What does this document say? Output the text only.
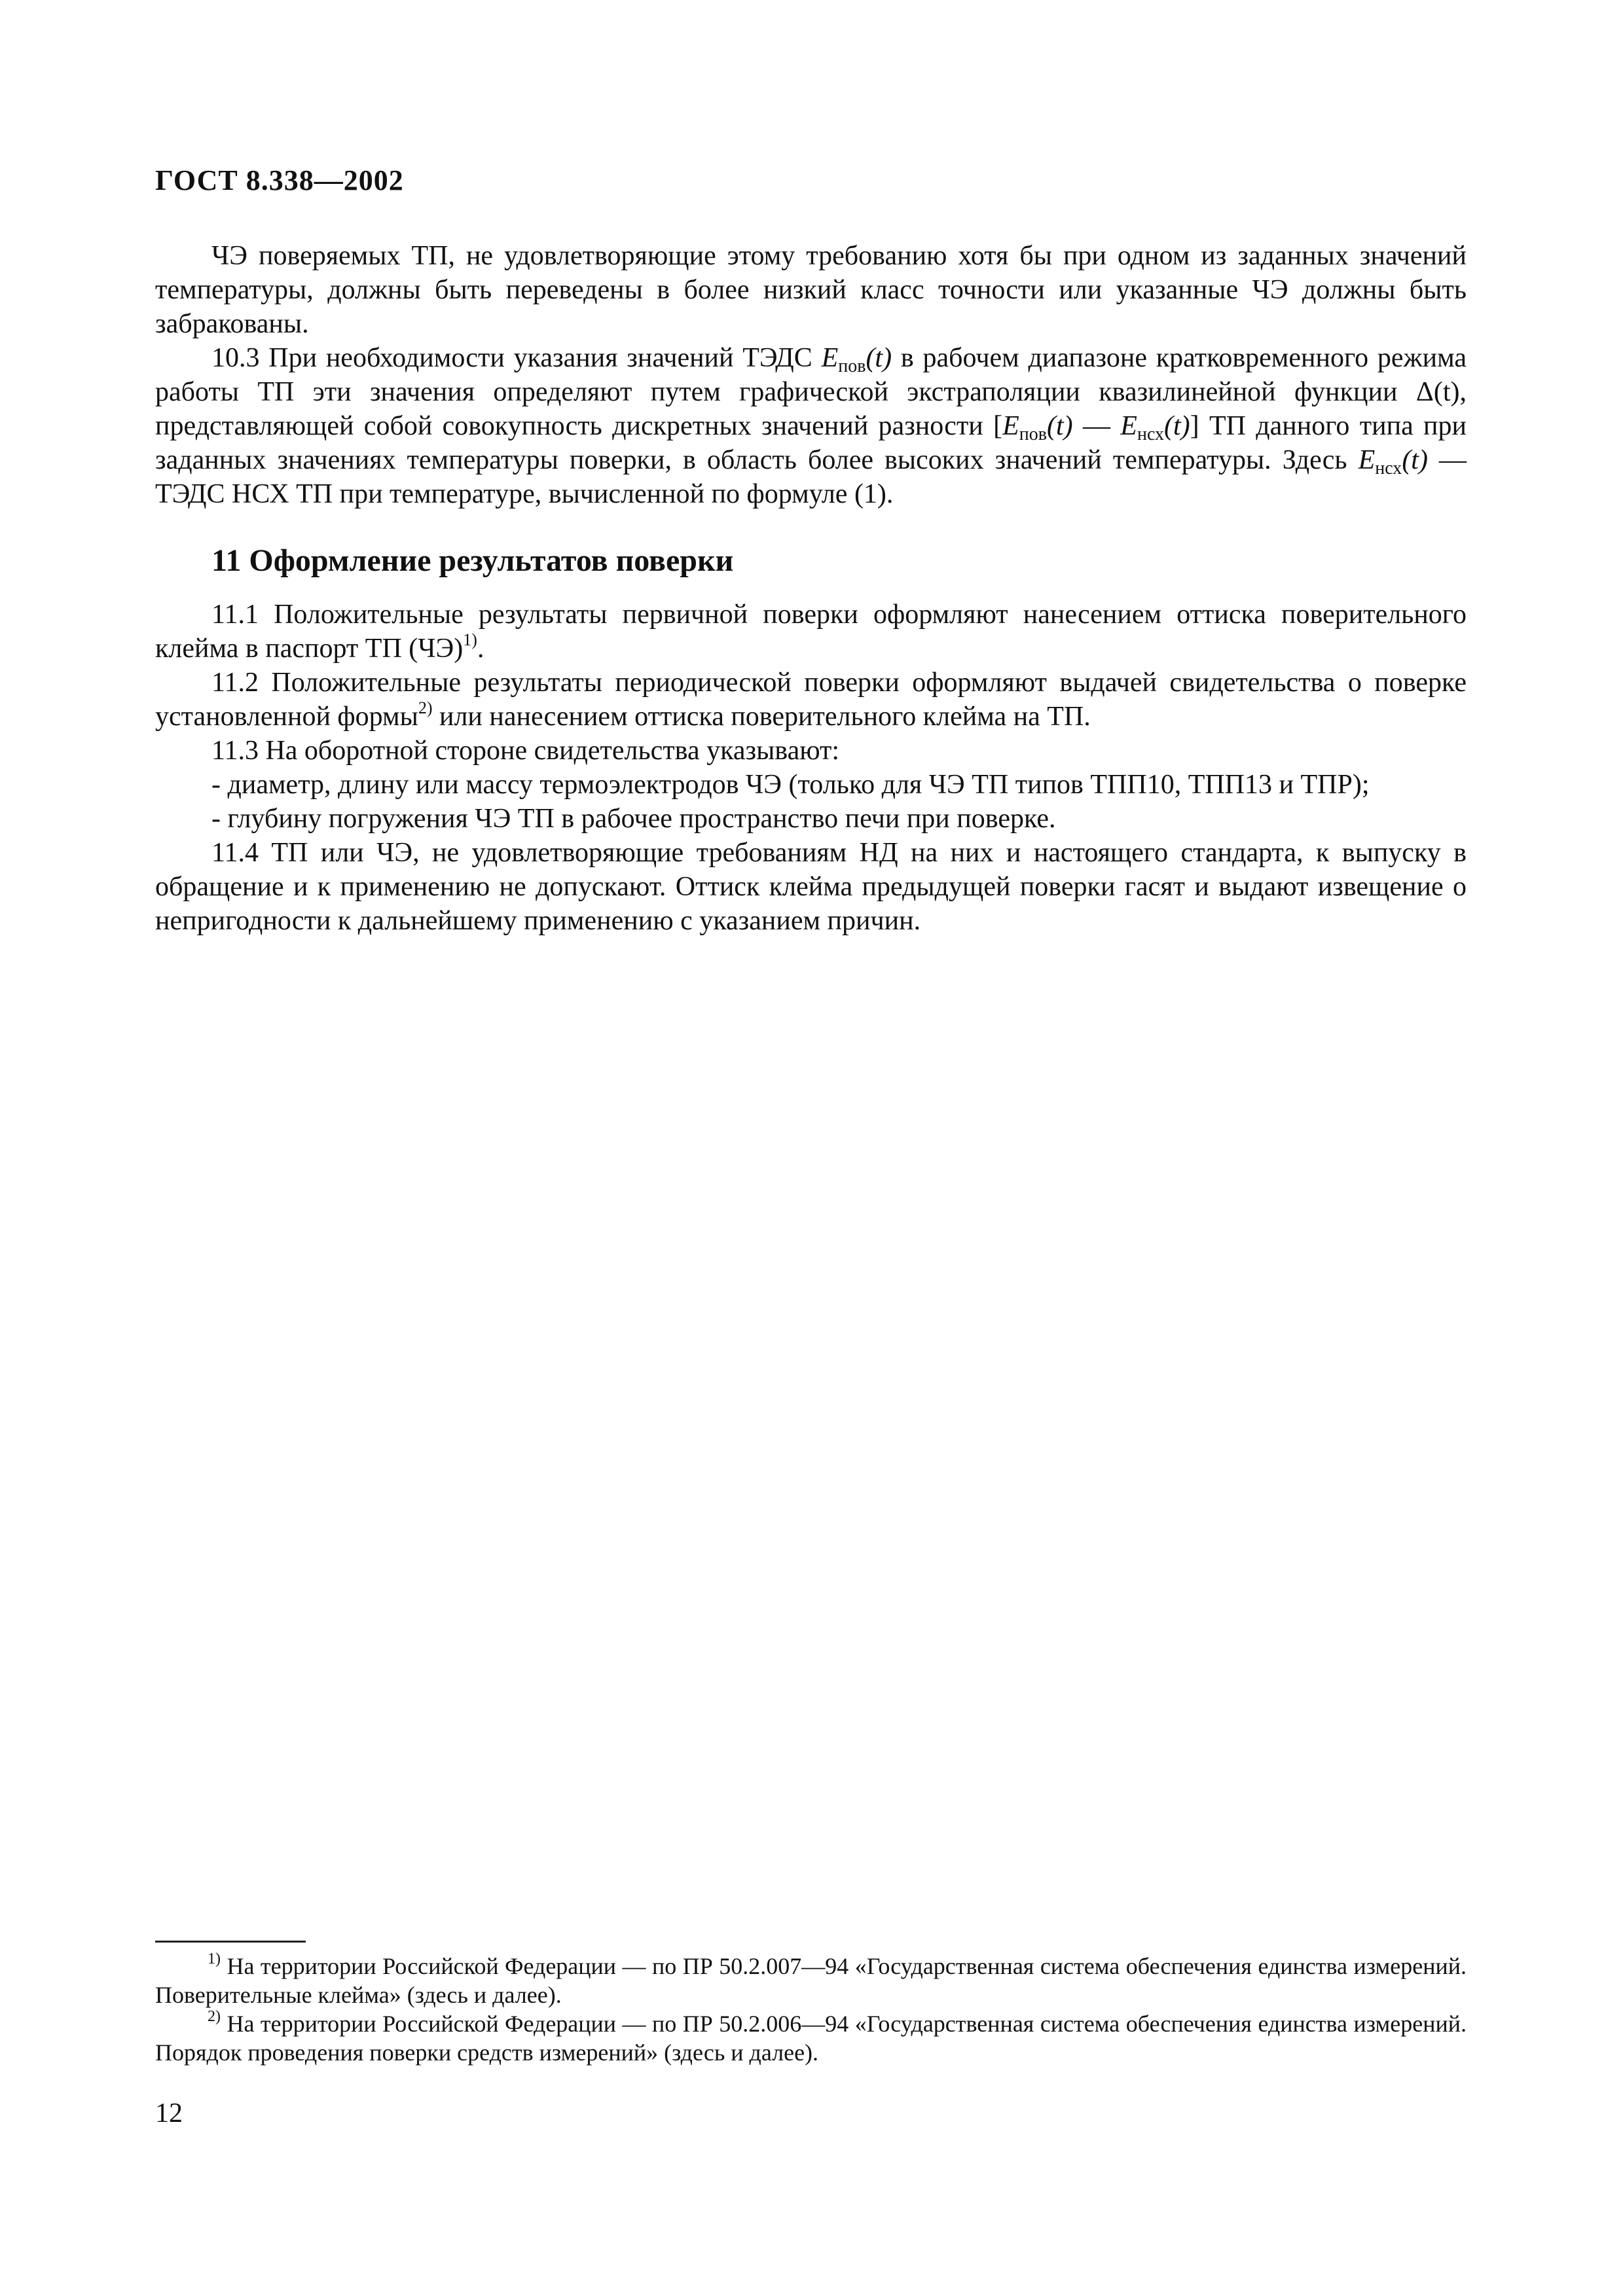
ГОСТ 8.338—2002

ЧЭ поверяемых ТП, не удовлетворяющие этому требованию хотя бы при одном из заданных значений температуры, должны быть переведены в более низкий класс точности или указанные ЧЭ должны быть забракованы.

10.3 При необходимости указания значений ТЭДС $E_{пов}(t)$ в рабочем диапазоне кратковременного режима работы ТП эти значения определяют путем графической экстраполяции квазилинейной функции Δ(t), представляющей собой совокупность дискретных значений разности [$E_{пов}(t)$ — $E_{нсх}(t)$] ТП данного типа при заданных значениях температуры поверки, в область более высоких значений температуры. Здесь $E_{нсх}(t)$ — ТЭДС НСХ ТП при температуре, вычисленной по формуле (1).

11 Оформление результатов поверки

11.1 Положительные результаты первичной поверки оформляют нанесением оттиска поверительного клейма в паспорт ТП (ЧЭ)$^{1)}$.

11.2 Положительные результаты периодической поверки оформляют выдачей свидетельства о поверке установленной формы$^{2)}$ или нанесением оттиска поверительного клейма на ТП.

11.3 На оборотной стороне свидетельства указывают:

- диаметр, длину или массу термоэлектродов ЧЭ (только для ЧЭ ТП типов ТПП10, ТПП13 и ТПР);

- глубину погружения ЧЭ ТП в рабочее пространство печи при поверке.

11.4 ТП или ЧЭ, не удовлетворяющие требованиям НД на них и настоящего стандарта, к выпуску в обращение и к применению не допускают. Оттиск клейма предыдущей поверки гасят и выдают извещение о непригодности к дальнейшему применению с указанием причин.

$^{1)}$ На территории Российской Федерации — по ПР 50.2.007—94 «Государственная система обеспечения единства измерений. Поверительные клейма» (здесь и далее).

$^{2)}$ На территории Российской Федерации — по ПР 50.2.006—94 «Государственная система обеспечения единства измерений. Порядок проведения поверки средств измерений» (здесь и далее).

12
